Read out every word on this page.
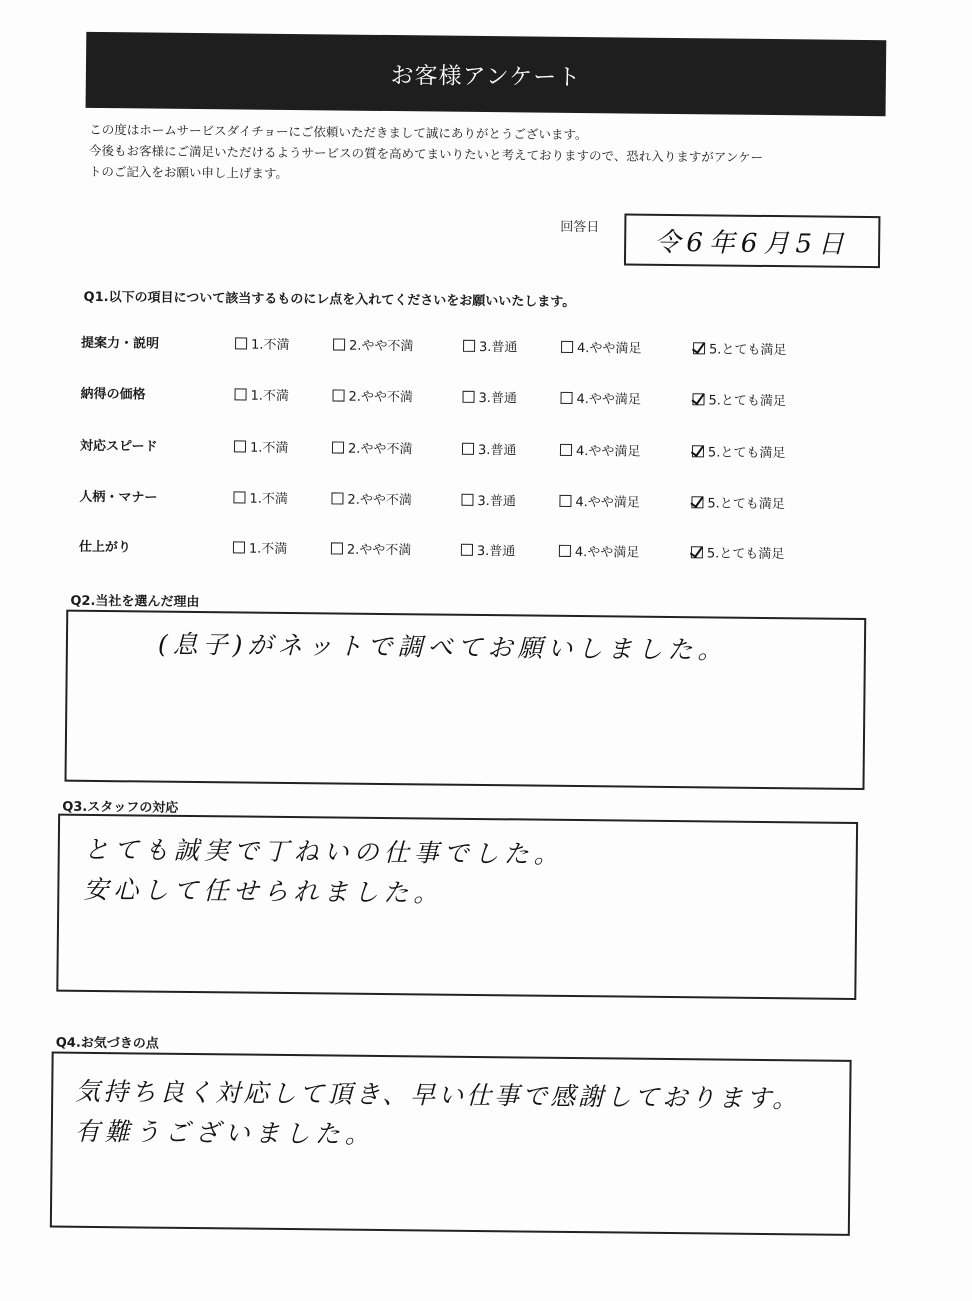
お客様アンケート

この度はホームサービスダイチョーにご依頼いただきまして誠にありがとうございます。

今後もお客様にご満足いただけるようサービスの質を高めてまいりたいと考えておりますので、恐れ入りますがアンケー

トのご記入をお願い申し上げます。

回答日 令6年6月5日
Q1.以下の項目について該当するものにレ点を入れてくださいをお願いいたします。
提案力・説明	1.不満	2.やや不満	3.普通	4.やや満足	5.とても満足
納得の価格	1.不満	2.やや不満	3.普通	4.やや満足	5.とても満足
対応スピード	1.不満	2.やや不満	3.普通	4.やや満足	5.とても満足
人柄・マナー	1.不満	2.やや不満	3.普通	4.やや満足	5.とても満足
仕上がり	1.不満	2.やや不満	3.普通	4.やや満足	5.とても満足
Q2.当社を選んだ理由
(息子)がネットで調べてお願いしました。
Q3.スタッフの対応
とても誠実で丁ねいの仕事でした。
安心して任せられました。
Q4.お気づきの点
気持ち良く対応して頂き、早い仕事で感謝しております。
有難うございました。
